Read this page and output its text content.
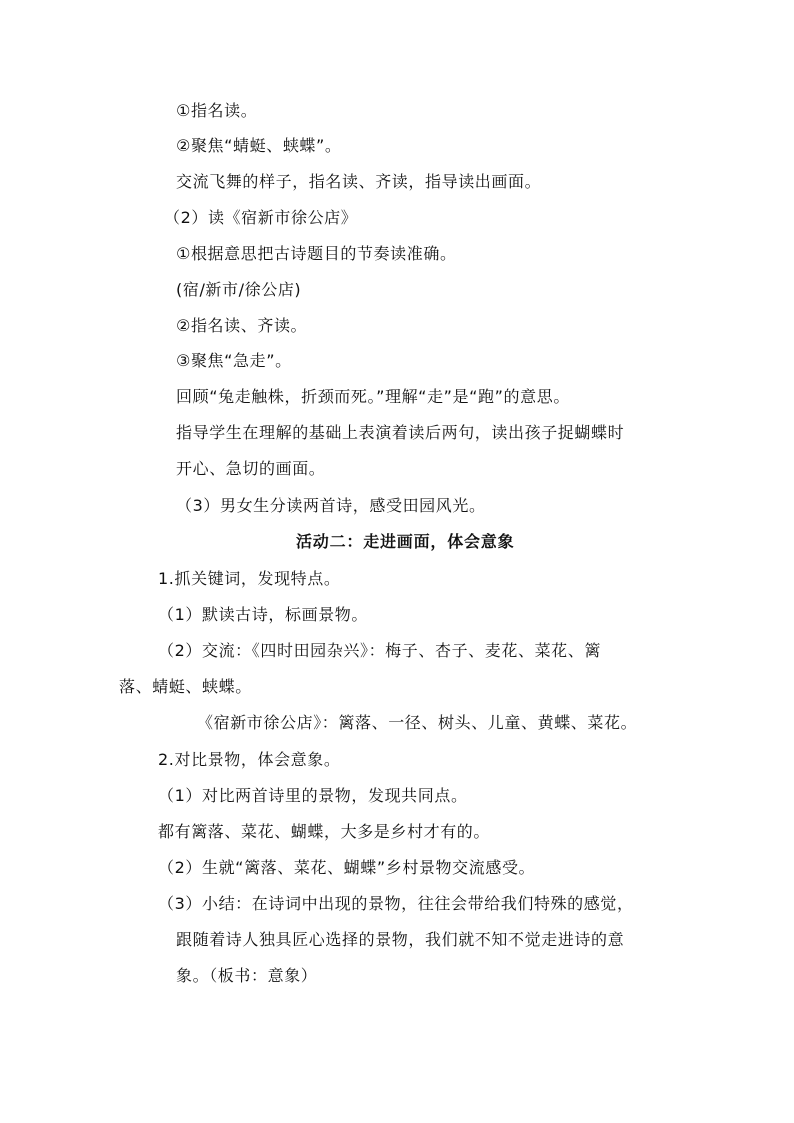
①指名读。
②聚焦“蜻蜓、蛱蝶”。
交流飞舞的样子，指名读、齐读，指导读出画面。
（2）读《宿新市徐公店》
①根据意思把古诗题目的节奏读准确。
(宿/新市/徐公店)
②指名读、齐读。
③聚焦“急走”。
回顾“兔走触株，折颈而死。”理解“走”是“跑”的意思。
指导学生在理解的基础上表演着读后两句，读出孩子捉蝴蝶时
开心、急切的画面。
（3）男女生分读两首诗，感受田园风光。
活动二：走进画面，体会意象
1.抓关键词，发现特点。
（1）默读古诗，标画景物。
（2）交流：《四时田园杂兴》：梅子、杏子、麦花、菜花、篱
落、蜻蜓、蛱蝶。
《宿新市徐公店》：篱落、一径、树头、儿童、黄蝶、菜花。
2.对比景物，体会意象。
（1）对比两首诗里的景物，发现共同点。
都有篱落、菜花、蝴蝶，大多是乡村才有的。
（2）生就“篱落、菜花、蝴蝶”乡村景物交流感受。
（3）小结：在诗词中出现的景物，往往会带给我们特殊的感觉，
跟随着诗人独具匠心选择的景物，我们就不知不觉走进诗的意
象。（板书：意象）
